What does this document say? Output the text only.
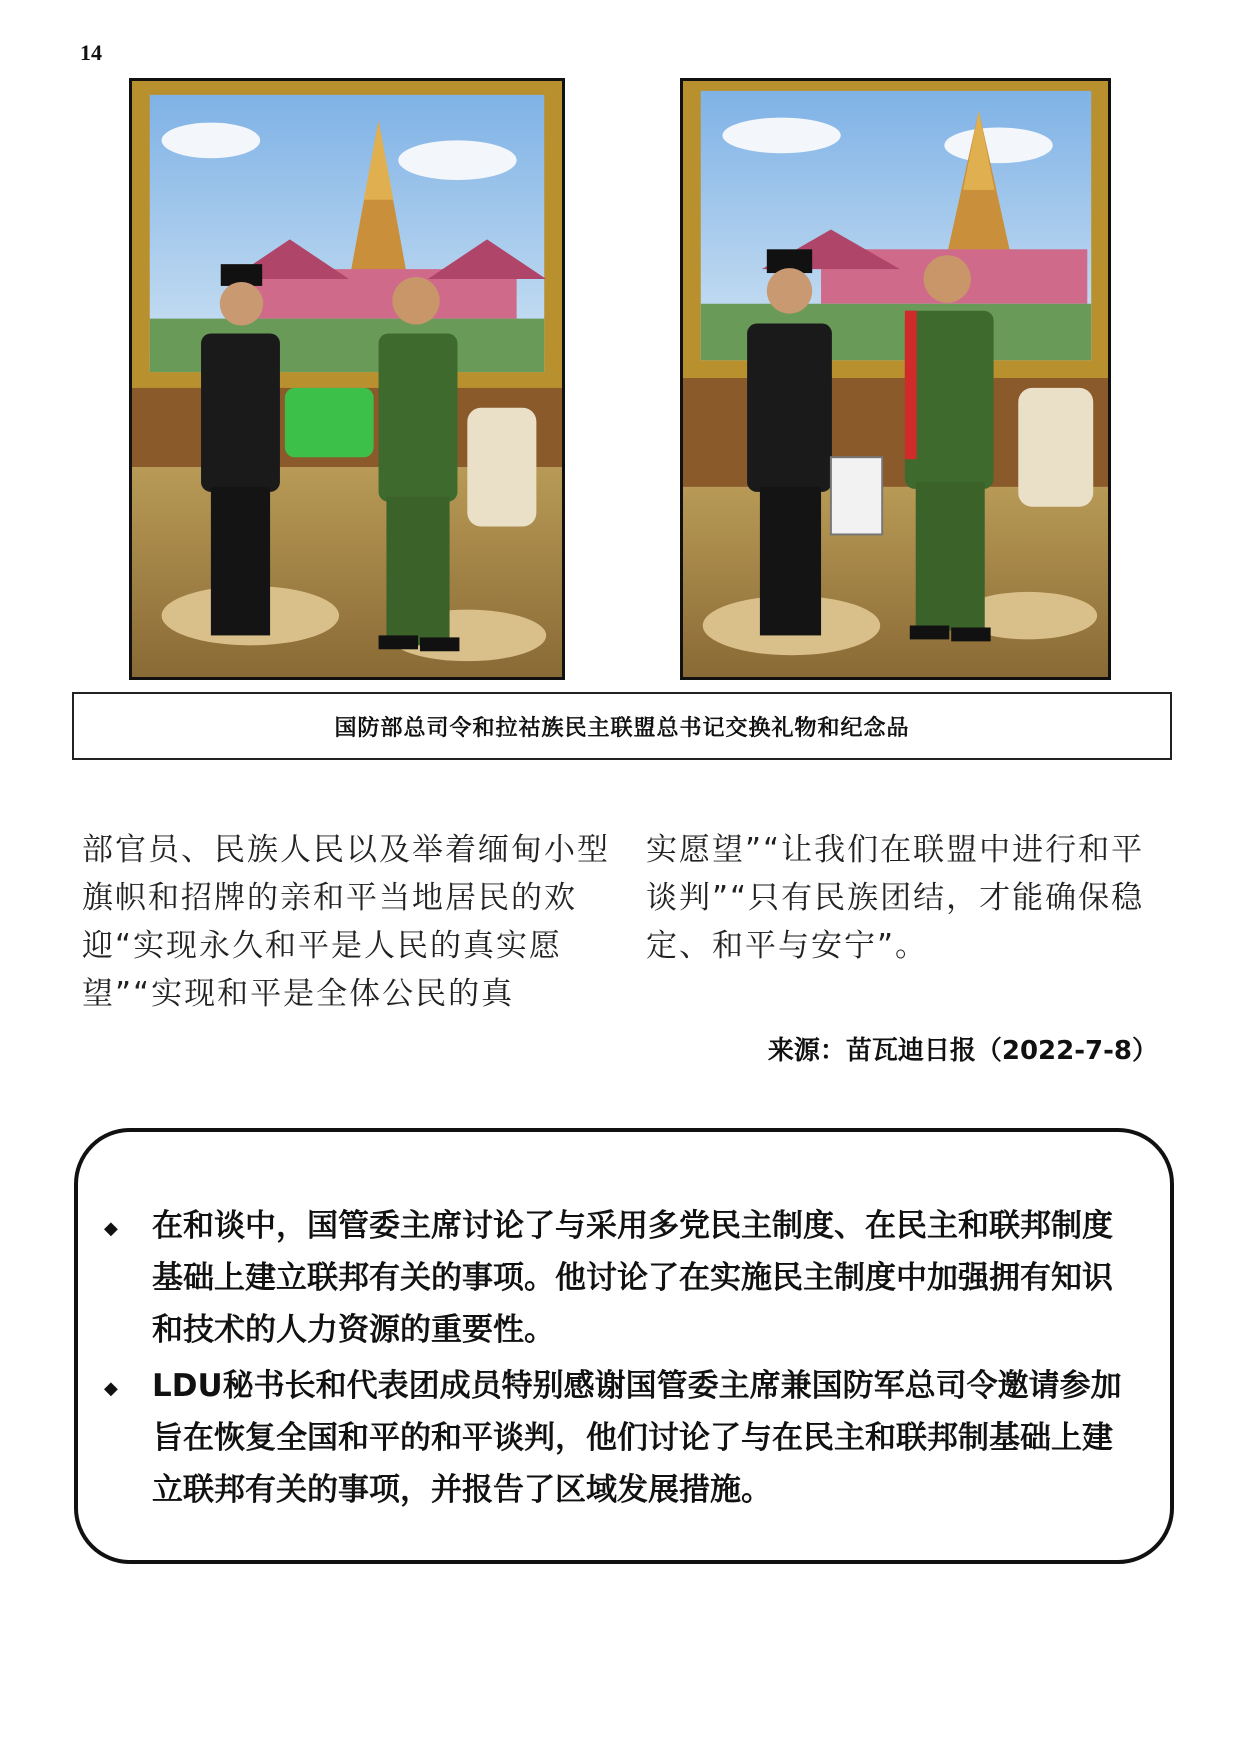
14
国防部总司令和拉祜族民主联盟总书记交换礼物和纪念品
部官员、民族人民以及举着缅甸小型旗帜和招牌的亲和平当地居民的欢迎“实现永久和平是人民的真实愿望”“实现和平是全体公民的真
实愿望”“让我们在联盟中进行和平谈判”“只有民族团结，才能确保稳定、和平与安宁”。
来源：苗瓦迪日报（2022-7-8）
◆ 在和谈中，国管委主席讨论了与采用多党民主制度、在民主和联邦制度基础上建立联邦有关的事项。他讨论了在实施民主制度中加强拥有知识和技术的人力资源的重要性。
◆ LDU秘书长和代表团成员特别感谢国管委主席兼国防军总司令邀请参加旨在恢复全国和平的和平谈判，他们讨论了与在民主和联邦制基础上建立联邦有关的事项，并报告了区域发展措施。
